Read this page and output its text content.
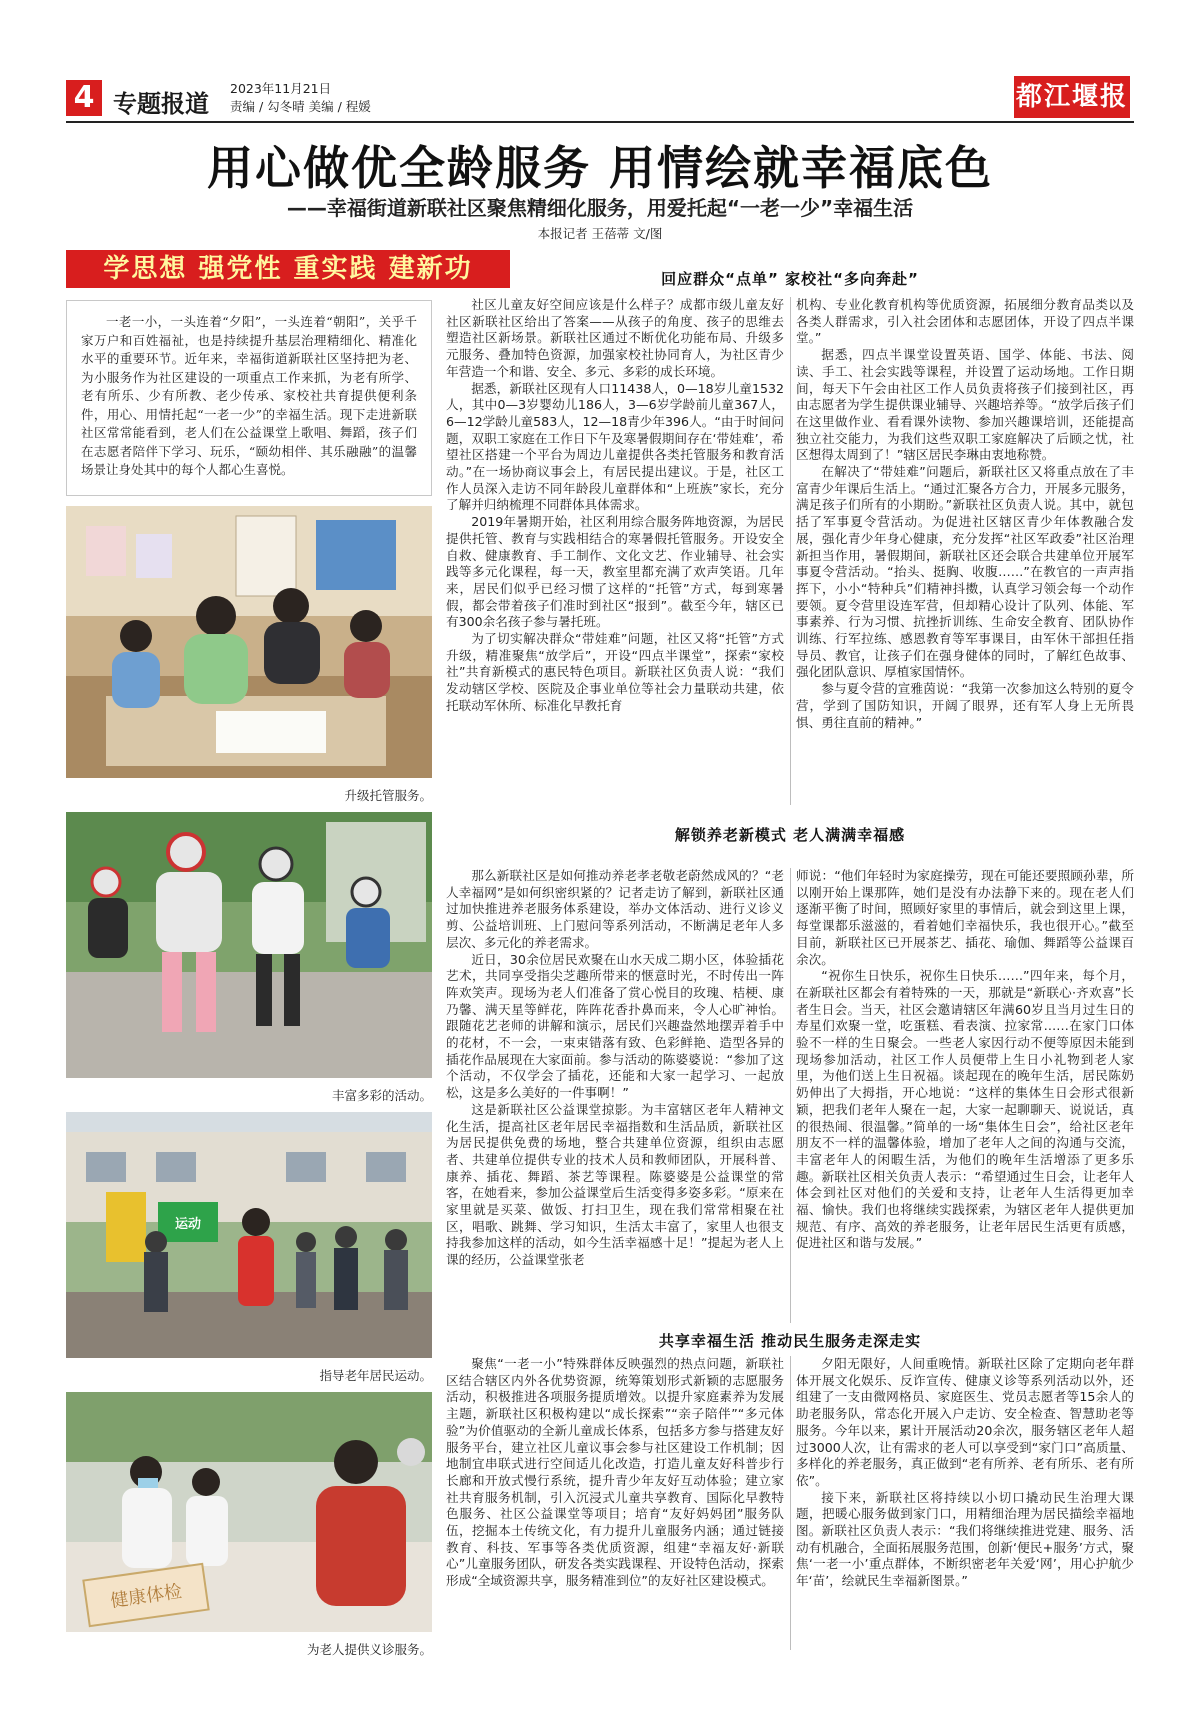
4 专题报道
2023年11月21日
责编 / 勾冬晴 美编 / 程媛	都江堰报
用心做优全龄服务 用情绘就幸福底色
——幸福街道新联社区聚焦精细化服务，用爱托起“一老一少”幸福生活
本报记者 王蓓蒂 文/图
学思想 强党性 重实践 建新功
一老一小，一头连着“夕阳”，一头连着“朝阳”，关乎千家万户和百姓福祉，也是持续提升基层治理精细化、精准化水平的重要环节。近年来，幸福街道新联社区坚持把为老、为小服务作为社区建设的一项重点工作来抓，为老有所学、老有所乐、少有所教、老少传承、家校社共育提供便利条件，用心、用情托起“一老一少”的幸福生活。现下走进新联社区常常能看到，老人们在公益课堂上歌唱、舞蹈，孩子们在志愿者陪伴下学习、玩乐，“颐幼相伴、其乐融融”的温馨场景让身处其中的每个人都心生喜悦。
升级托管服务。
丰富多彩的活动。
运动
指导老年居民运动。
健康体检
为老人提供义诊服务。
回应群众“点单” 家校社“多向奔赴”

社区儿童友好空间应该是什么样子？成都市级儿童友好社区新联社区给出了答案——从孩子的角度、孩子的思维去塑造社区新场景。新联社区通过不断优化功能布局、升级多元服务、叠加特色资源，加强家校社协同育人，为社区青少年营造一个和谐、安全、多元、多彩的成长环境。

据悉，新联社区现有人口11438人，0—18岁儿童1532人，其中0—3岁婴幼儿186人，3—6岁学龄前儿童367人，6—12学龄儿童583人，12—18青少年396人。“由于时间问题，双职工家庭在工作日下午及寒暑假期间存在‘带娃难’，希望社区搭建一个平台为周边儿童提供各类托管服务和教育活动。”在一场协商议事会上，有居民提出建议。于是，社区工作人员深入走访不同年龄段儿童群体和“上班族”家长，充分了解并归纳梳理不同群体具体需求。

2019年暑期开始，社区利用综合服务阵地资源，为居民提供托管、教育与实践相结合的寒暑假托管服务。开设安全自救、健康教育、手工制作、文化文艺、作业辅导、社会实践等多元化课程，每一天，教室里都充满了欢声笑语。几年来，居民们似乎已经习惯了这样的“托管”方式，每到寒暑假，都会带着孩子们准时到社区“报到”。截至今年，辖区已有300余名孩子参与暑托班。

为了切实解决群众“带娃难”问题，社区又将“托管”方式升级，精准聚焦“放学后”，开设“四点半课堂”，探索“家校社”共育新模式的惠民特色项目。新联社区负责人说：“我们发动辖区学校、医院及企事业单位等社会力量联动共建，依托联动军休所、标准化早教托育

机构、专业化教育机构等优质资源，拓展细分教育品类以及各类人群需求，引入社会团体和志愿团体，开设了四点半课堂。”

据悉，四点半课堂设置英语、国学、体能、书法、阅读、手工、社会实践等课程，并设置了运动场地。工作日期间，每天下午会由社区工作人员负责将孩子们接到社区，再由志愿者为学生提供课业辅导、兴趣培养等。“放学后孩子们在这里做作业、看看课外读物、参加兴趣课培训，还能提高独立社交能力，为我们这些双职工家庭解决了后顾之忧，社区想得太周到了！”辖区居民李琳由衷地称赞。

在解决了“带娃难”问题后，新联社区又将重点放在了丰富青少年课后生活上。“通过汇聚各方合力，开展多元服务，满足孩子们所有的小期盼。”新联社区负责人说。其中，就包括了军事夏令营活动。为促进社区辖区青少年体教融合发展，强化青少年身心健康，充分发挥“社区军政委”社区治理新担当作用，暑假期间，新联社区还会联合共建单位开展军事夏令营活动。“抬头、挺胸、收腹……”在教官的一声声指挥下，小小“特种兵”们精神抖擞，认真学习领会每一个动作要领。夏令营里设连军营，但却精心设计了队列、体能、军事素养、行为习惯、抗挫折训练、生命安全教育、团队协作训练、行军拉练、感恩教育等军事课目，由军休干部担任指导员、教官，让孩子们在强身健体的同时，了解红色故事、强化团队意识、厚植家国情怀。

参与夏令营的宣雅茵说：“我第一次参加这么特别的夏令营，学到了国防知识，开阔了眼界，还有军人身上无所畏惧、勇往直前的精神。”

解锁养老新模式 老人满满幸福感

那么新联社区是如何推动养老孝老敬老蔚然成风的？“老人幸福网”是如何织密织紧的？记者走访了解到，新联社区通过加快推进养老服务体系建设，举办文体活动、进行义诊义剪、公益培训班、上门慰问等系列活动，不断满足老年人多层次、多元化的养老需求。

近日，30余位居民欢聚在山水天成二期小区，体验插花艺术，共同享受指尖芝趣所带来的惬意时光，不时传出一阵阵欢笑声。现场为老人们准备了赏心悦目的玫瑰、桔梗、康乃馨、满天星等鲜花，阵阵花香扑鼻而来，令人心旷神怡。跟随花艺老师的讲解和演示，居民们兴趣盎然地摆弄着手中的花材，不一会，一束束错落有致、色彩鲜艳、造型各异的插花作品展现在大家面前。参与活动的陈婆婆说：“参加了这个活动，不仅学会了插花，还能和大家一起学习、一起放松，这是多么美好的一件事啊！”

这是新联社区公益课堂掠影。为丰富辖区老年人精神文化生活，提高社区老年居民幸福指数和生活品质，新联社区为居民提供免费的场地，整合共建单位资源，组织由志愿者、共建单位提供专业的技术人员和教师团队，开展科普、康养、插花、舞蹈、茶艺等课程。陈婆婆是公益课堂的常客，在她看来，参加公益课堂后生活变得多姿多彩。“原来在家里就是买菜、做饭、打扫卫生，现在我们常常相聚在社区，唱歌、跳舞、学习知识，生活太丰富了，家里人也很支持我参加这样的活动，如今生活幸福感十足！”提起为老人上课的经历，公益课堂张老

师说：“他们年轻时为家庭操劳，现在可能还要照顾孙辈，所以刚开始上课那阵，她们是没有办法静下来的。现在老人们逐渐平衡了时间，照顾好家里的事情后，就会到这里上课，每堂课都乐滋滋的，看着她们幸福快乐，我也很开心。”截至目前，新联社区已开展茶艺、插花、瑜伽、舞蹈等公益课百余次。

“祝你生日快乐，祝你生日快乐……”四年来，每个月，在新联社区都会有着特殊的一天，那就是“新联心·齐欢喜”长者生日会。当天，社区会邀请辖区年满60岁且当月过生日的寿星们欢聚一堂，吃蛋糕、看表演、拉家常……在家门口体验不一样的生日聚会。一些老人家因行动不便等原因未能到现场参加活动，社区工作人员便带上生日小礼物到老人家里，为他们送上生日祝福。谈起现在的晚年生活，居民陈奶奶伸出了大拇指，开心地说：“这样的集体生日会形式很新颖，把我们老年人聚在一起，大家一起聊聊天、说说话，真的很热闹、很温馨。”简单的一场“集体生日会”，给社区老年朋友不一样的温馨体验，增加了老年人之间的沟通与交流，丰富老年人的闲暇生活，为他们的晚年生活增添了更多乐趣。新联社区相关负责人表示：“希望通过生日会，让老年人体会到社区对他们的关爱和支持，让老年人生活得更加幸福、愉快。我们也将继续实践探索，为辖区老年人提供更加规范、有序、高效的养老服务，让老年居民生活更有质感，促进社区和谐与发展。”

共享幸福生活 推动民生服务走深走实

聚焦“一老一小”特殊群体反映强烈的热点问题，新联社区结合辖区内外各优势资源，统筹策划形式新颖的志愿服务活动，积极推进各项服务提质增效。以提升家庭素养为发展主题，新联社区积极构建以“成长探索”“亲子陪伴”“多元体验”为价值驱动的全新儿童成长体系，包括多方参与搭建友好服务平台，建立社区儿童议事会参与社区建设工作机制；因地制宜串联式进行空间适儿化改造，打造儿童友好科普步行长廊和开放式慢行系统，提升青少年友好互动体验；建立家社共育服务机制，引入沉浸式儿童共享教育、国际化早教特色服务、社区公益课堂等项目；培育“友好妈妈团”服务队伍，挖掘本土传统文化，有力提升儿童服务内涵；通过链接教育、科技、军事等各类优质资源，组建“幸福友好·新联心”儿童服务团队，研发各类实践课程、开设特色活动，探索形成“全域资源共享，服务精准到位”的友好社区建设模式。

夕阳无限好，人间重晚情。新联社区除了定期向老年群体开展文化娱乐、反诈宣传、健康义诊等系列活动以外，还组建了一支由微网格员、家庭医生、党员志愿者等15余人的助老服务队，常态化开展入户走访、安全检查、智慧助老等服务。今年以来，累计开展活动20余次，服务辖区老年人超过3000人次，让有需求的老人可以享受到“家门口”高质量、多样化的养老服务，真正做到“老有所养、老有所乐、老有所依”。

接下来，新联社区将持续以小切口撬动民生治理大课题，把暖心服务做到家门口，用精细治理为居民描绘幸福地图。新联社区负责人表示：“我们将继续推进党建、服务、活动有机融合，全面拓展服务范围，创新‘便民+服务’方式，聚焦‘一老一小’重点群体，不断织密老年关爱‘网’，用心护航少年‘苗’，绘就民生幸福新图景。”
